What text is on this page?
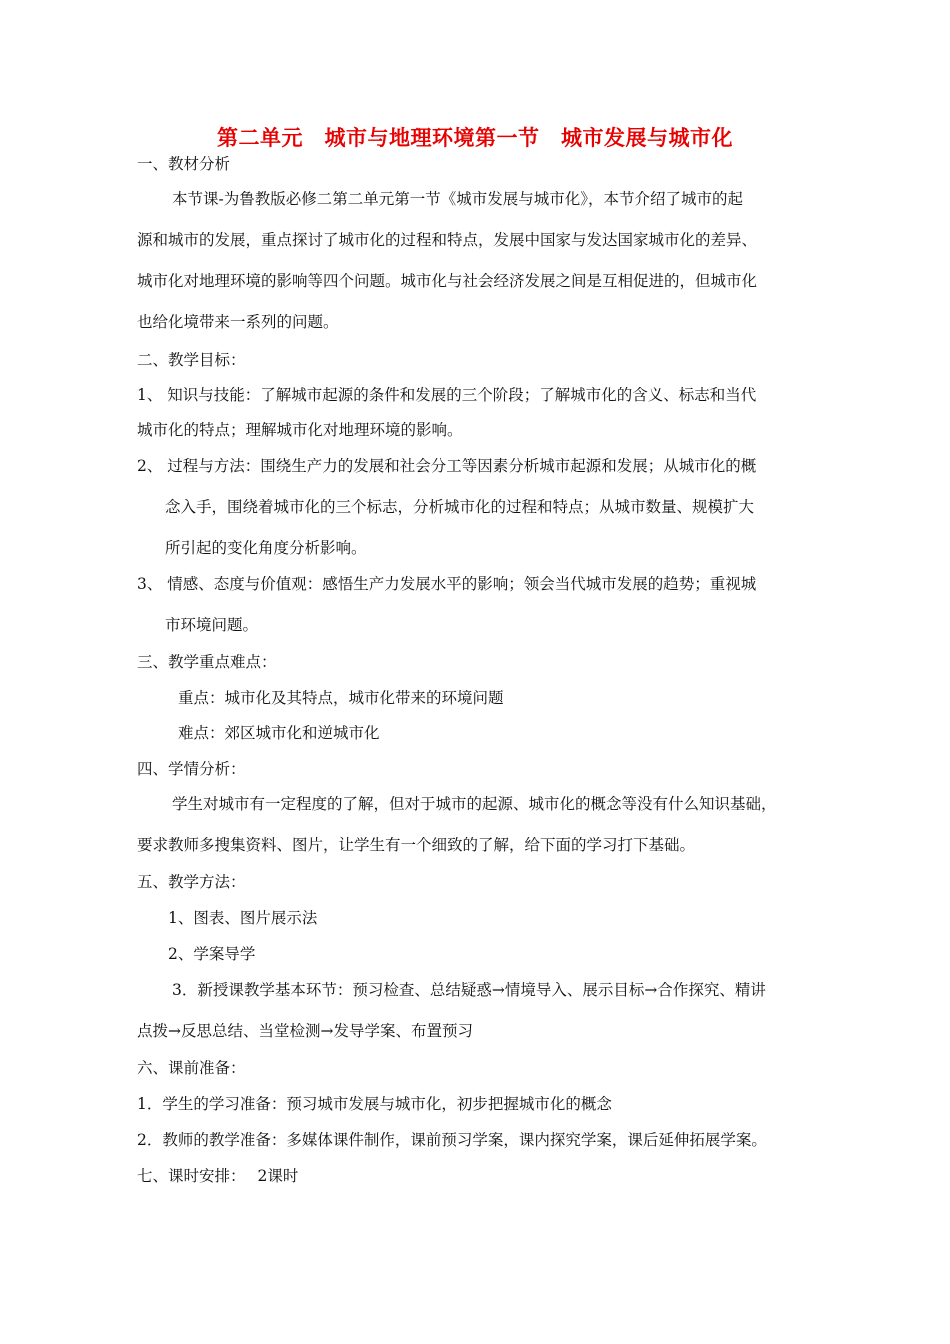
第二单元　城市与地理环境第一节　城市发展与城市化
一、教材分析
本节课-为鲁教版必修二第二单元第一节《城市发展与城市化》，本节介绍了城市的起
源和城市的发展，重点探讨了城市化的过程和特点，发展中国家与发达国家城市化的差异、
城市化对地理环境的影响等四个问题。城市化与社会经济发展之间是互相促进的，但城市化
也给化境带来一系列的问题。
二、教学目标：
1、 知识与技能：了解城市起源的条件和发展的三个阶段；了解城市化的含义、标志和当代
城市化的特点；理解城市化对地理环境的影响。
2、 过程与方法：围绕生产力的发展和社会分工等因素分析城市起源和发展；从城市化的概
念入手，围绕着城市化的三个标志，分析城市化的过程和特点；从城市数量、规模扩大
所引起的变化角度分析影响。
3、 情感、态度与价值观：感悟生产力发展水平的影响；领会当代城市发展的趋势；重视城
市环境问题。
三、教学重点难点：
重点：城市化及其特点，城市化带来的环境问题
难点：郊区城市化和逆城市化
四、学情分析：
学生对城市有一定程度的了解，但对于城市的起源、城市化的概念等没有什么知识基础，
要求教师多搜集资料、图片，让学生有一个细致的了解，给下面的学习打下基础。
五、教学方法：
1、图表、图片展示法
2、学案导学
3．新授课教学基本环节：预习检查、总结疑惑→情境导入、展示目标→合作探究、精讲
点拨→反思总结、当堂检测→发导学案、布置预习
六、课前准备：
1．学生的学习准备：预习城市发展与城市化，初步把握城市化的概念
2．教师的教学准备：多媒体课件制作，课前预习学案，课内探究学案，课后延伸拓展学案。
七、课时安排： 2课时
